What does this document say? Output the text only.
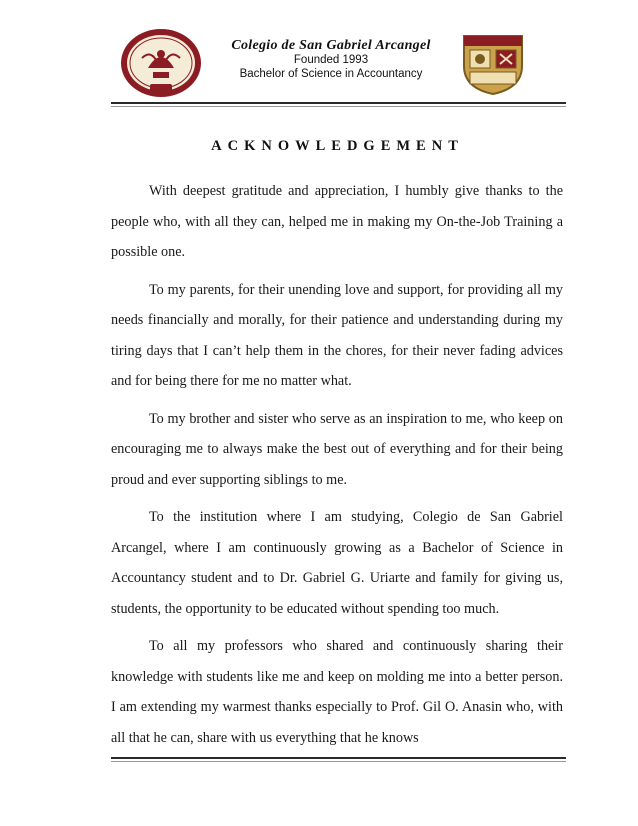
Colegio de San Gabriel Arcangel
Founded 1993
Bachelor of Science in Accountancy
ACKNOWLEDGEMENT

With deepest gratitude and appreciation, I humbly give thanks to the people who, with all they can, helped me in making my On-the-Job Training a possible one.

To my parents, for their unending love and support, for providing all my needs financially and morally, for their patience and understanding during my tiring days that I can’t help them in the chores, for their never fading advices and for being there for me no matter what.

To my brother and sister who serve as an inspiration to me, who keep on encouraging me to always make the best out of everything and for their being proud and ever supporting siblings to me.

To the institution where I am studying, Colegio de San Gabriel Arcangel, where I am continuously growing as a Bachelor of Science in Accountancy student and to Dr. Gabriel G. Uriarte and family for giving us, students, the opportunity to be educated without spending too much.

To all my professors who shared and continuously sharing their knowledge with students like me and keep on molding me into a better person. I am extending my warmest thanks especially to Prof. Gil O. Anasin who, with all that he can, share with us everything that he knows
